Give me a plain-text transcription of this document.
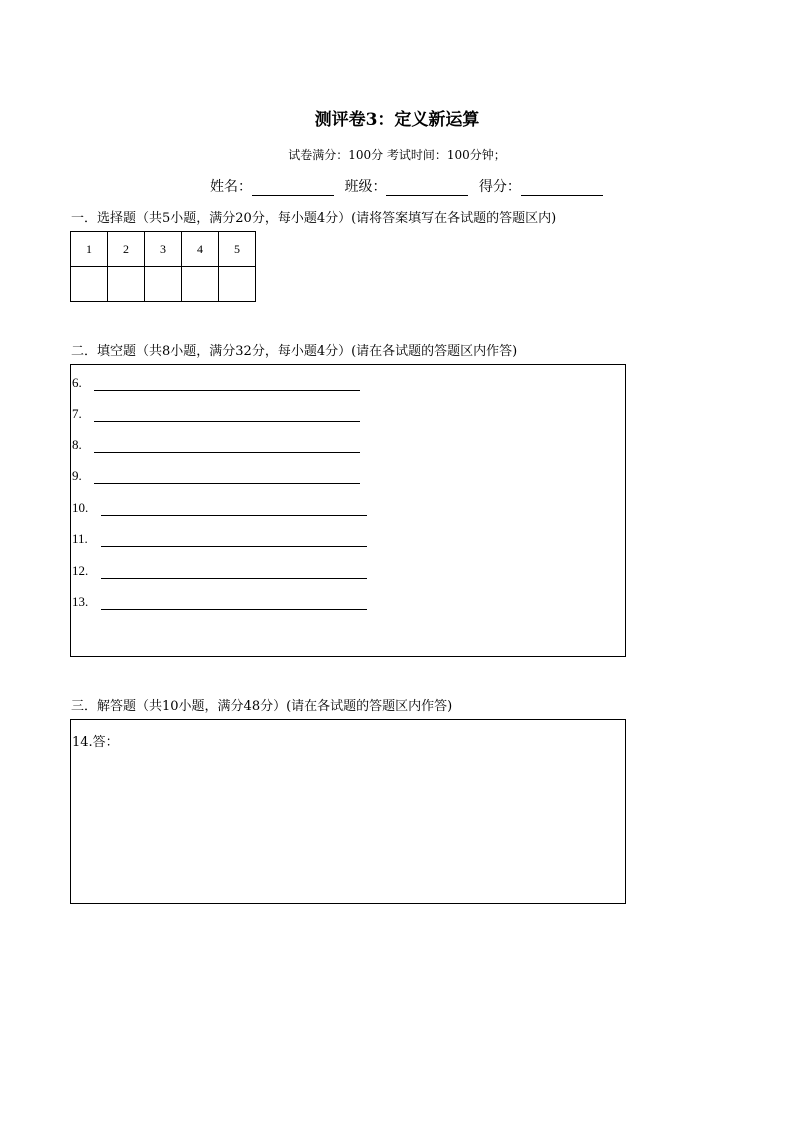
测评卷3：定义新运算
试卷满分：100分 考试时间：100分钟；
姓名：	班级：	得分：
一．选择题（共5小题，满分20分，每小题4分）(请将答案填写在各试题的答题区内)
1	2	3	4	5

二．填空题（共8小题，满分32分，每小题4分）(请在各试题的答题区内作答)
6.
7.
8.
9.
10.
11.
12.
13.
三．解答题（共10小题，满分48分）(请在各试题的答题区内作答)
14.答：
